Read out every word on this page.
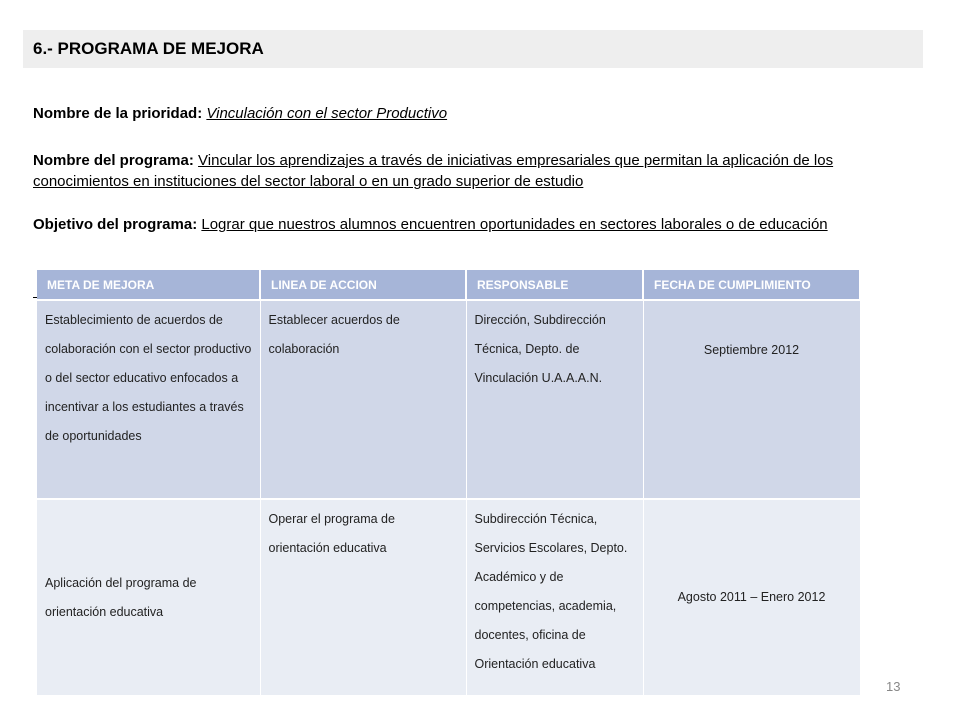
6.- PROGRAMA DE MEJORA
Nombre de la prioridad: Vinculación con el sector Productivo
Nombre del programa: Vincular los aprendizajes a través de iniciativas empresariales que permitan la aplicación de los conocimientos en instituciones del sector laboral o en un grado superior de estudio
Objetivo del programa: Lograr que nuestros alumnos encuentren oportunidades en sectores laborales o de educación

META DE MEJORA	LINEA DE ACCION	RESPONSABLE	FECHA DE CUMPLIMIENTO
Establecimiento de acuerdos de colaboración con el sector productivo o del sector educativo enfocados a incentivar a los estudiantes a través de oportunidades	Establecer acuerdos de colaboración	Dirección, Subdirección Técnica, Depto. de Vinculación U.A.A.A.N.	Septiembre 2012
Aplicación del programa de orientación educativa	Operar el programa de orientación educativa	Subdirección Técnica, Servicios Escolares, Depto. Académico y de competencias, academia, docentes, oficina de Orientación educativa	Agosto 2011 – Enero 2012
13
